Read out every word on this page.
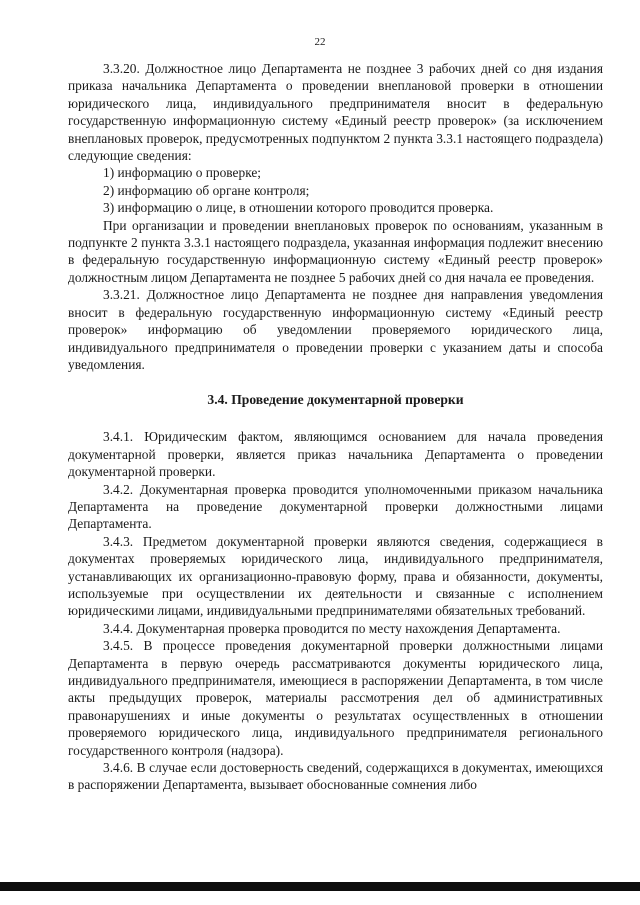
22

3.3.20. Должностное лицо Департамента не позднее 3 рабочих дней со дня издания приказа начальника Департамента о проведении внеплановой проверки в отношении юридического лица, индивидуального предпринимателя вносит в федеральную государственную информационную систему «Единый реестр проверок» (за исключением внеплановых проверок, предусмотренных подпунктом 2 пункта 3.3.1 настоящего подраздела) следующие сведения:

1) информацию о проверке;

2) информацию об органе контроля;

3) информацию о лице, в отношении которого проводится проверка.

При организации и проведении внеплановых проверок по основаниям, указанным в подпункте 2 пункта 3.3.1 настоящего подраздела, указанная информация подлежит внесению в федеральную государственную информационную систему «Единый реестр проверок» должностным лицом Департамента не позднее 5 рабочих дней со дня начала ее проведения.

3.3.21. Должностное лицо Департамента не позднее дня направления уведомления вносит в федеральную государственную информационную систему «Единый реестр проверок» информацию об уведомлении проверяемого юридического лица, индивидуального предпринимателя о проведении проверки с указанием даты и способа уведомления.

3.4. Проведение документарной проверки

3.4.1. Юридическим фактом, являющимся основанием для начала проведения документарной проверки, является приказ начальника Департамента о проведении документарной проверки.

3.4.2. Документарная проверка проводится уполномоченными приказом начальника Департамента на проведение документарной проверки должностными лицами Департамента.

3.4.3. Предметом документарной проверки являются сведения, содержащиеся в документах проверяемых юридического лица, индивидуального предпринимателя, устанавливающих их организационно-правовую форму, права и обязанности, документы, используемые при осуществлении их деятельности и связанные с исполнением юридическими лицами, индивидуальными предпринимателями обязательных требований.

3.4.4. Документарная проверка проводится по месту нахождения Департамента.

3.4.5. В процессе проведения документарной проверки должностными лицами Департамента в первую очередь рассматриваются документы юридического лица, индивидуального предпринимателя, имеющиеся в распоряжении Департамента, в том числе акты предыдущих проверок, материалы рассмотрения дел об административных правонарушениях и иные документы о результатах осуществленных в отношении проверяемого юридического лица, индивидуального предпринимателя регионального государственного контроля (надзора).

3.4.6. В случае если достоверность сведений, содержащихся в документах, имеющихся в распоряжении Департамента, вызывает обоснованные сомнения либо
